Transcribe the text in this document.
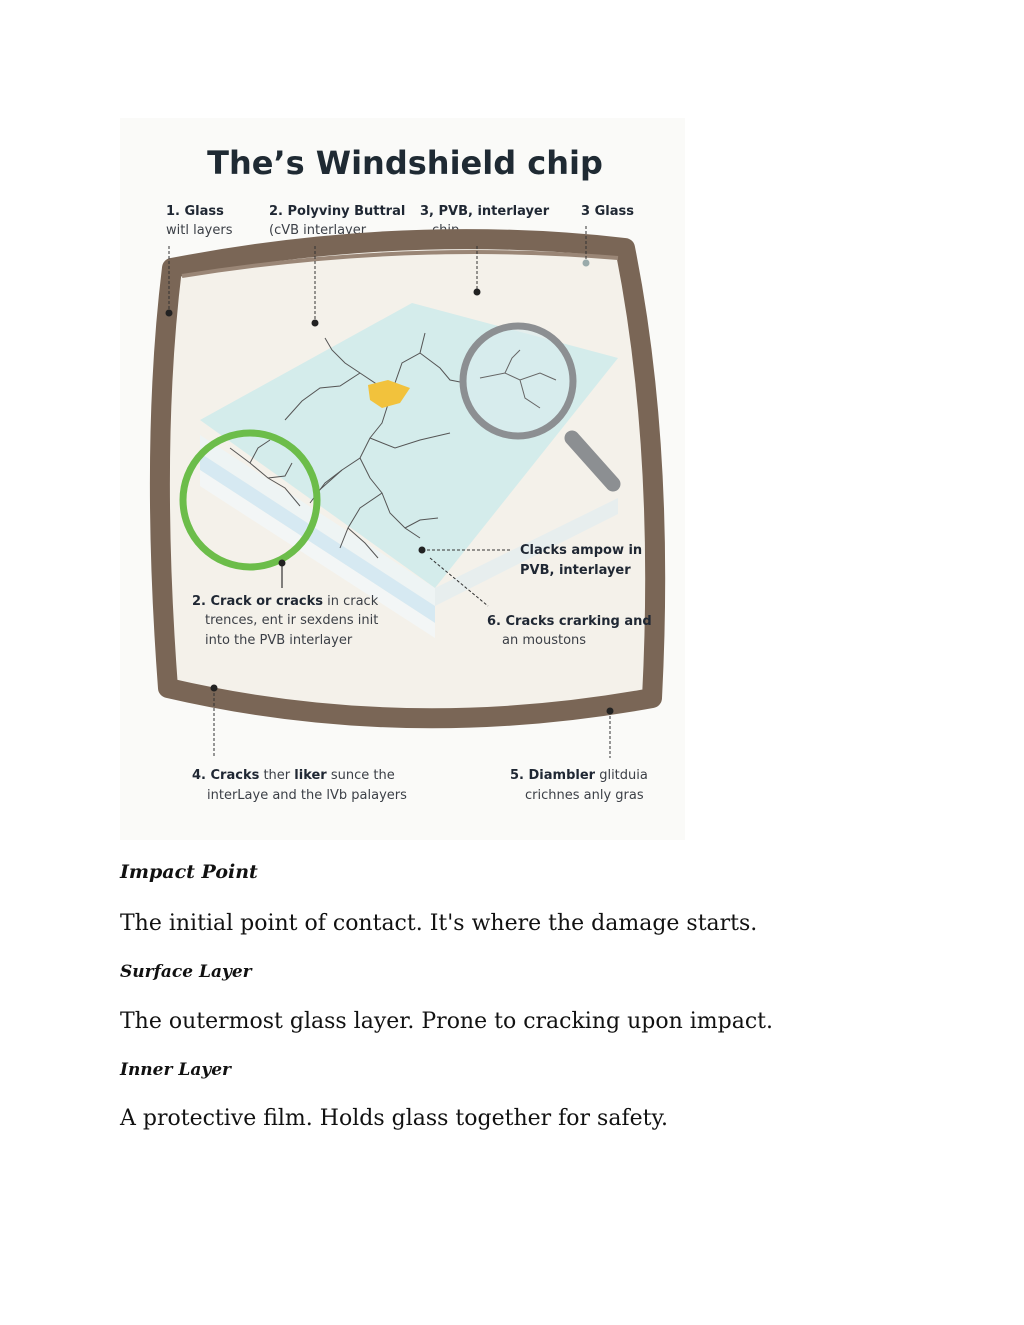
The’s Windshield chip
1. Glass
witl layers
2. Polyviny Buttral
(cVB interlayer
3, PVB, interlayer 3 Glass
Clacks ampow in
PVB, interlayer
2. Crack or cracks in crack
trences, ent ir sexdens init
into the PVB interlayer
6. Cracks crarking and
an moustons
4. Cracks ther liker sunce the
interLaye and the lVb palayers
5. Diambler glitduia
crichnes anly gras

Impact Point

The initial point of contact. It's where the damage starts.

Surface Layer

The outermost glass layer. Prone to cracking upon impact.

Inner Layer

A protective film. Holds glass together for safety.
